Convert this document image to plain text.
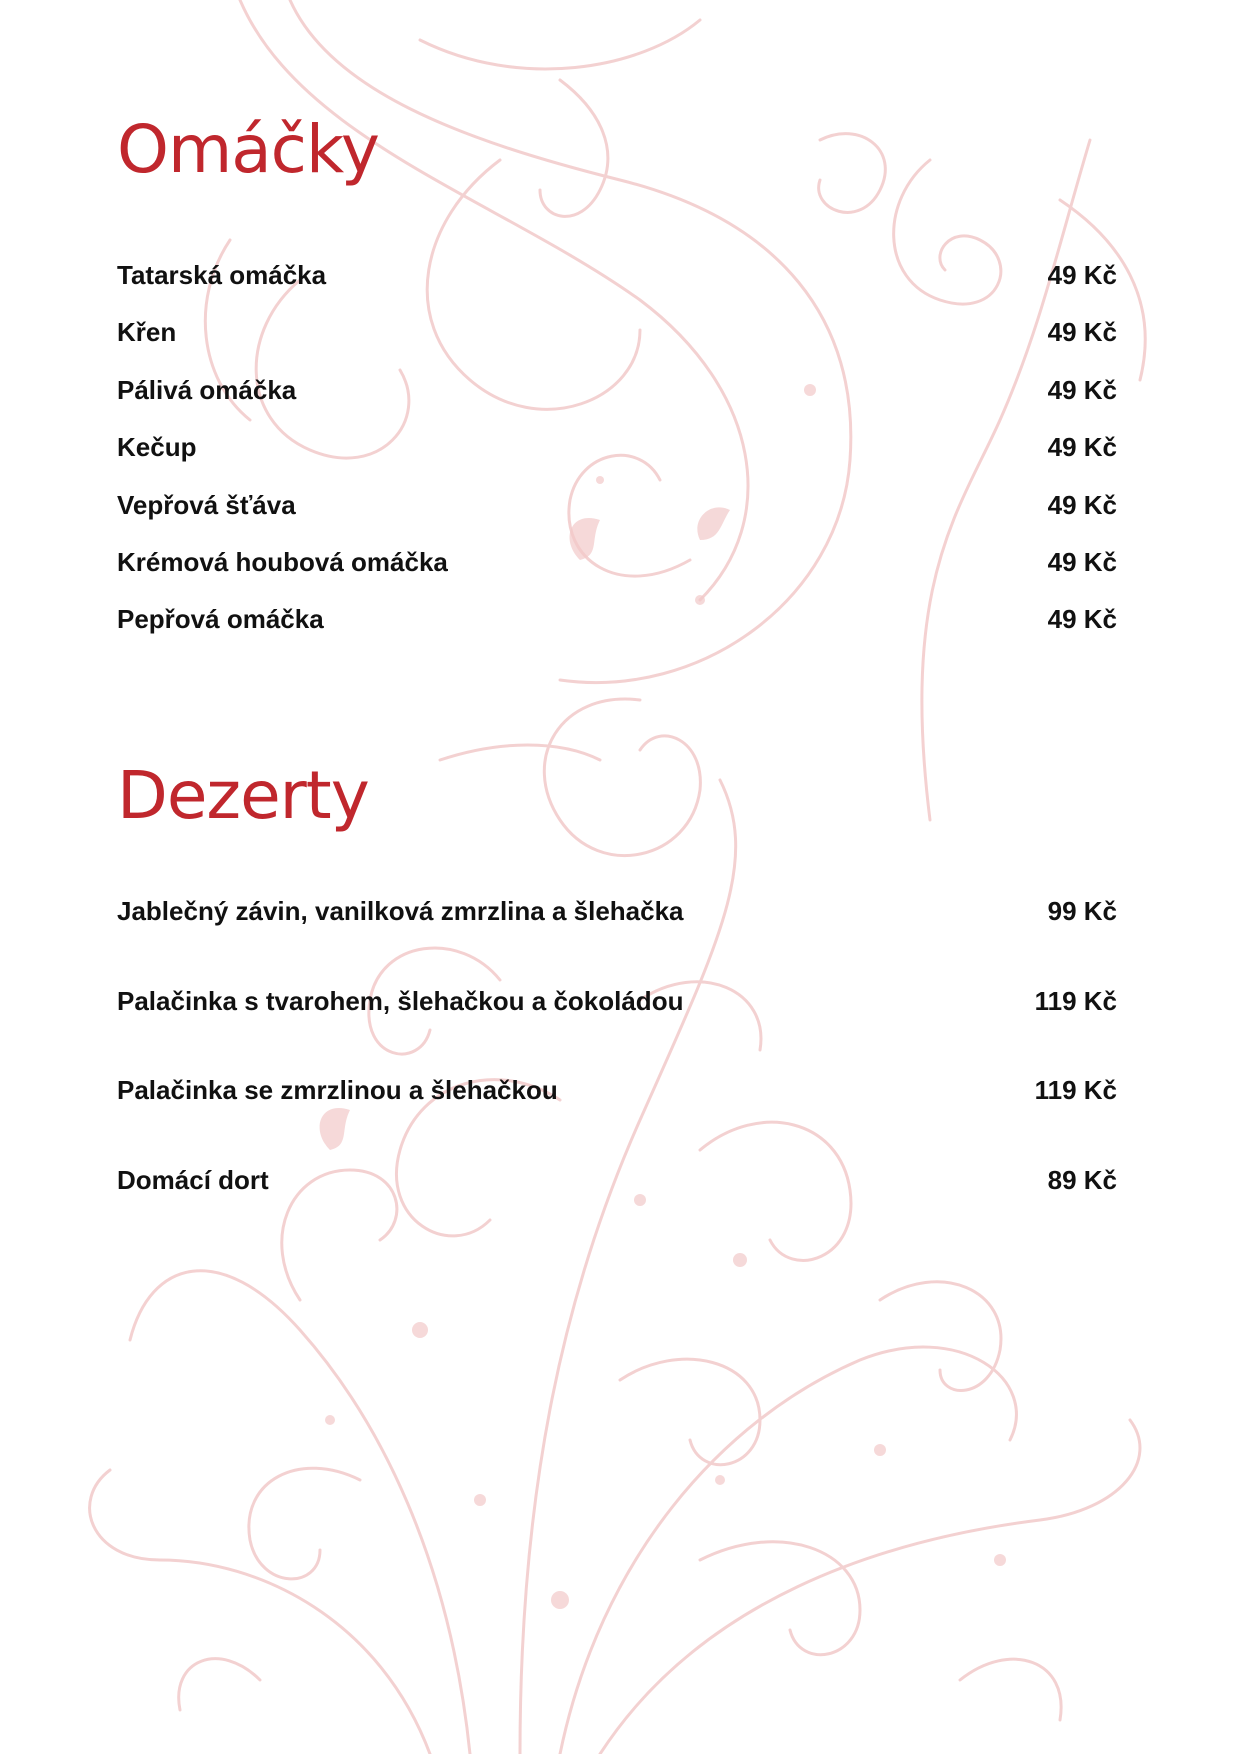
Omáčky
Tatarská omáčka	49 Kč
Křen	49 Kč
Pálivá omáčka	49 Kč
Kečup	49 Kč
Vepřová šťáva	49 Kč
Krémová houbová omáčka	49 Kč
Pepřová omáčka	49 Kč
Dezerty
Jablečný závin, vanilková zmrzlina a šlehačka	99 Kč
Palačinka s tvarohem, šlehačkou a čokoládou	119 Kč
Palačinka se zmrzlinou a šlehačkou	119 Kč
Domácí dort	89 Kč
